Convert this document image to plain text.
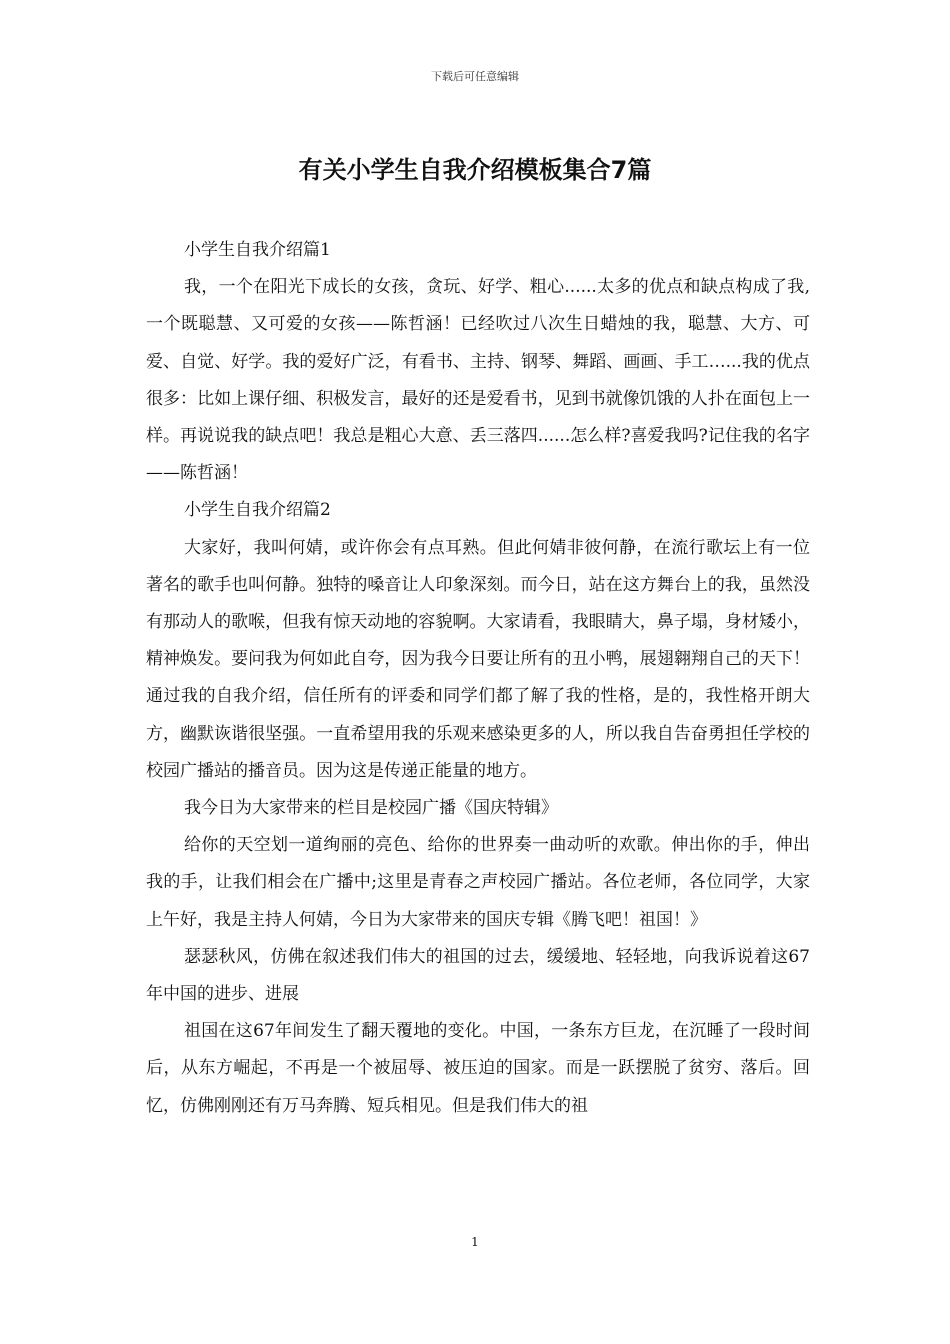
下载后可任意编辑
有关小学生自我介绍模板集合7篇

小学生自我介绍篇1

我，一个在阳光下成长的女孩，贪玩、好学、粗心......太多的优点和缺点构成了我,一个既聪慧、又可爱的女孩——陈哲涵！已经吹过八次生日蜡烛的我，聪慧、大方、可爱、自觉、好学。我的爱好广泛，有看书、主持、钢琴、舞蹈、画画、手工…...我的优点很多：比如上课仔细、积极发言，最好的还是爱看书，见到书就像饥饿的人扑在面包上一样。再说说我的缺点吧！我总是粗心大意、丢三落四......怎么样?喜爱我吗?记住我的名字——陈哲涵！

小学生自我介绍篇2

大家好，我叫何婧，或许你会有点耳熟。但此何婧非彼何静，在流行歌坛上有一位著名的歌手也叫何静。独特的嗓音让人印象深刻。而今日，站在这方舞台上的我，虽然没有那动人的歌喉，但我有惊天动地的容貌啊。大家请看，我眼睛大，鼻子塌，身材矮小，精神焕发。要问我为何如此自夸，因为我今日要让所有的丑小鸭，展翅翱翔自己的天下！通过我的自我介绍，信任所有的评委和同学们都了解了我的性格，是的，我性格开朗大方，幽默诙谐很坚强。一直希望用我的乐观来感染更多的人，所以我自告奋勇担任学校的校园广播站的播音员。因为这是传递正能量的地方。

我今日为大家带来的栏目是校园广播《国庆特辑》

给你的天空划一道绚丽的亮色、给你的世界奏一曲动听的欢歌。伸出你的手，伸出我的手，让我们相会在广播中;这里是青春之声校园广播站。各位老师，各位同学，大家上午好，我是主持人何婧，今日为大家带来的国庆专辑《腾飞吧！祖国！》

瑟瑟秋风，仿佛在叙述我们伟大的祖国的过去，缓缓地、轻轻地，向我诉说着这67年中国的进步、进展

祖国在这67年间发生了翻天覆地的变化。中国，一条东方巨龙，在沉睡了一段时间后，从东方崛起，不再是一个被屈辱、被压迫的国家。而是一跃摆脱了贫穷、落后。回忆，仿佛刚刚还有万马奔腾、短兵相见。但是我们伟大的祖

1
